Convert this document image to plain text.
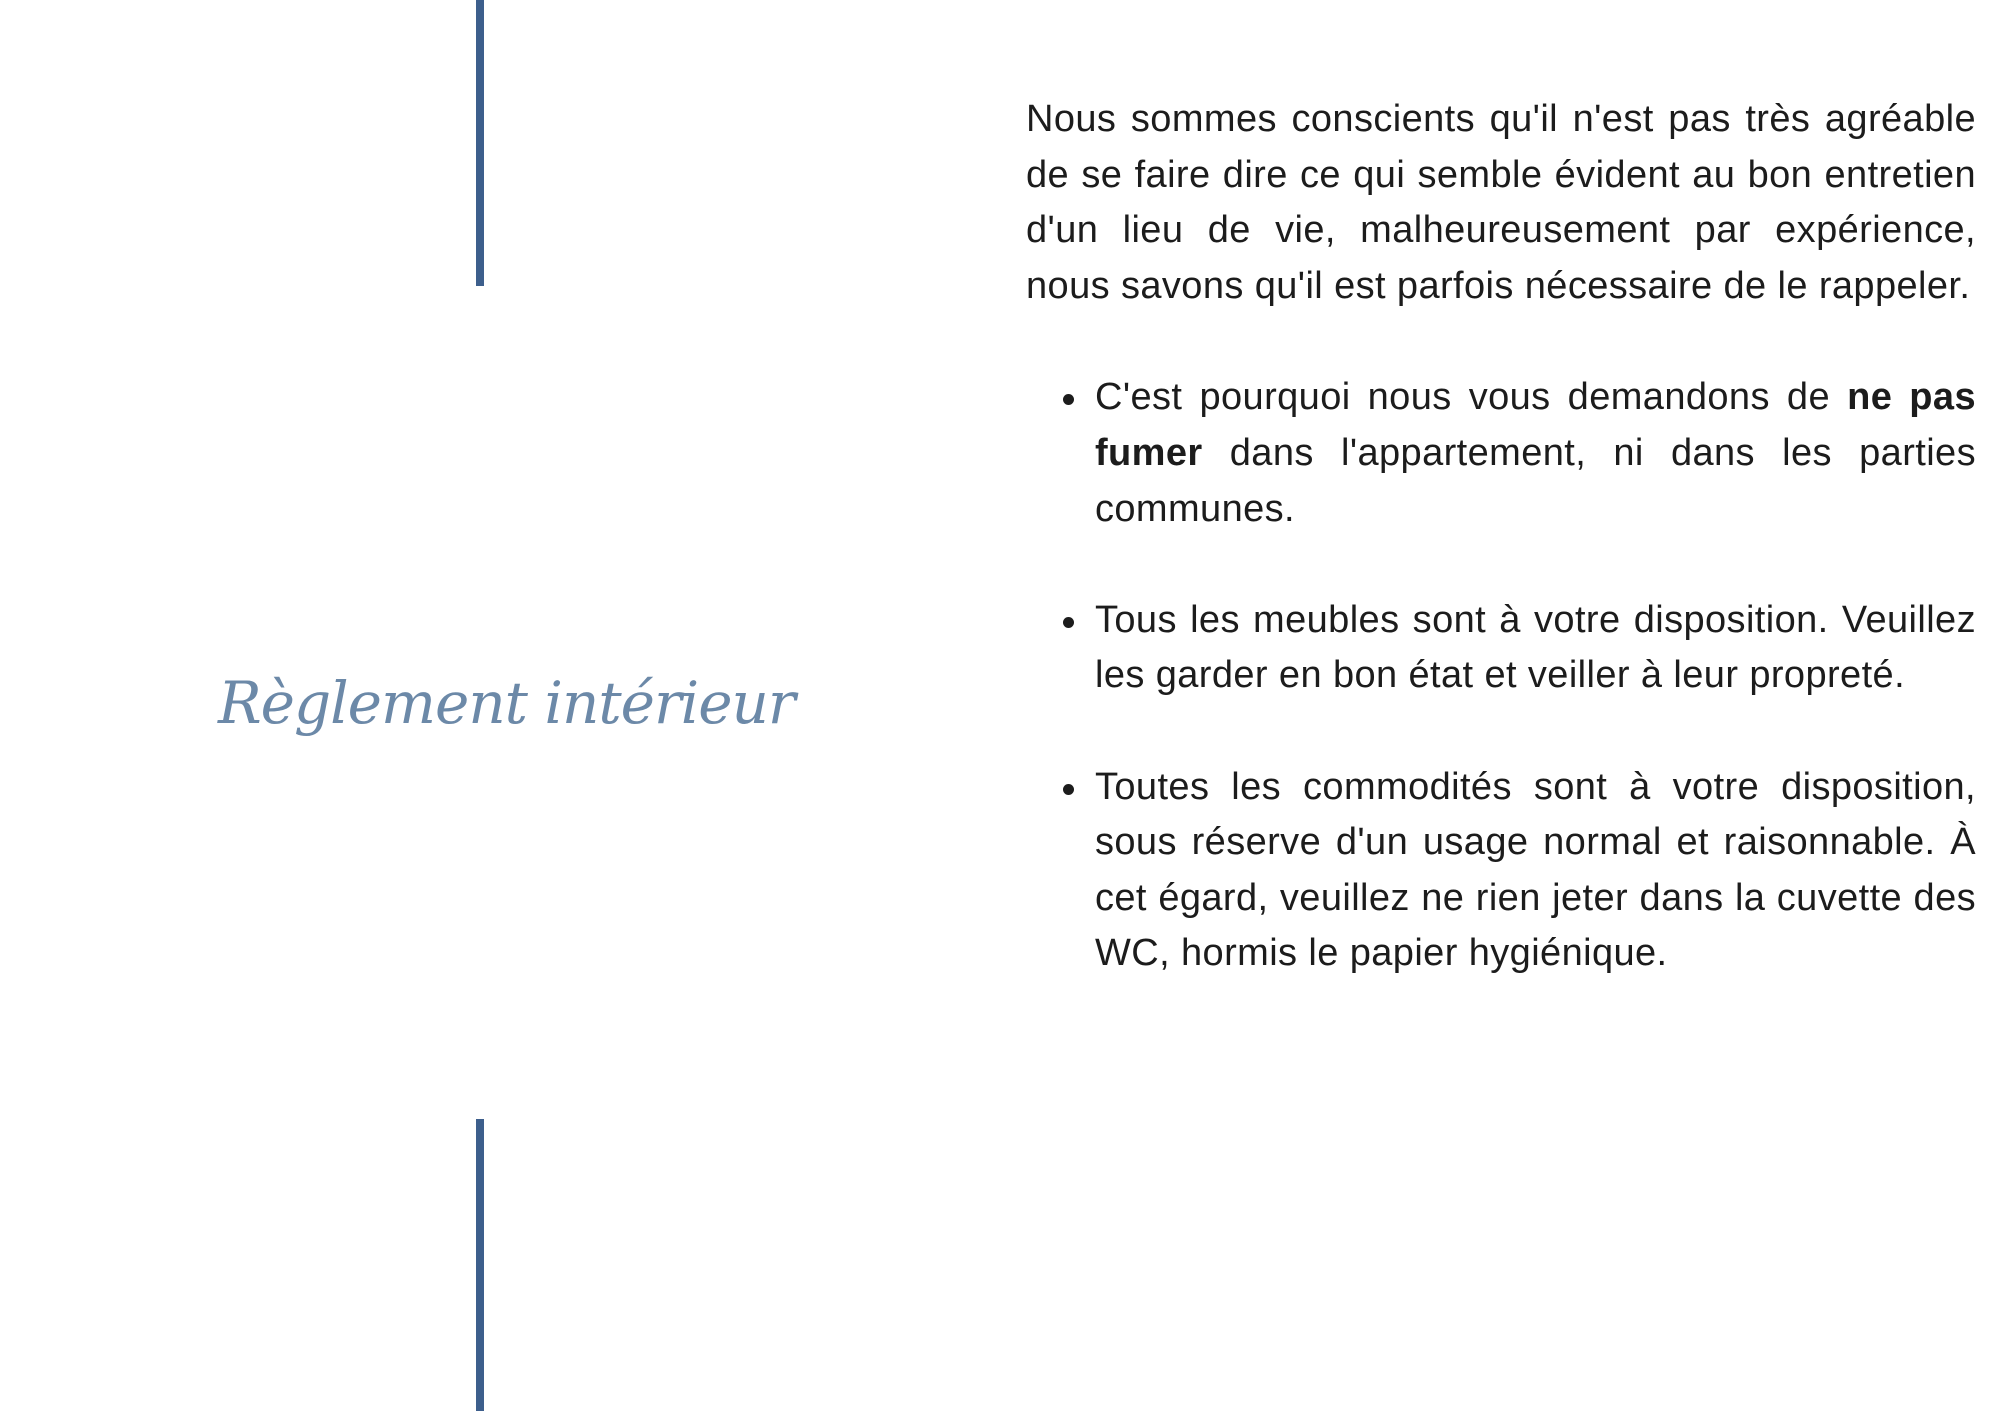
Règlement intérieur

Nous sommes conscients qu'il n'est pas très agréable de se faire dire ce qui semble évident au bon entretien d'un lieu de vie, malheureusement par expérience, nous savons qu'il est parfois nécessaire de le rappeler.

C'est pourquoi nous vous demandons de ne pas fumer dans l'appartement, ni dans les parties communes.
Tous les meubles sont à votre disposition. Veuillez les garder en bon état et veiller à leur propreté.
Toutes les commodités sont à votre disposition, sous réserve d'un usage normal et raisonnable. À cet égard, veuillez ne rien jeter dans la cuvette des WC, hormis le papier hygiénique.
